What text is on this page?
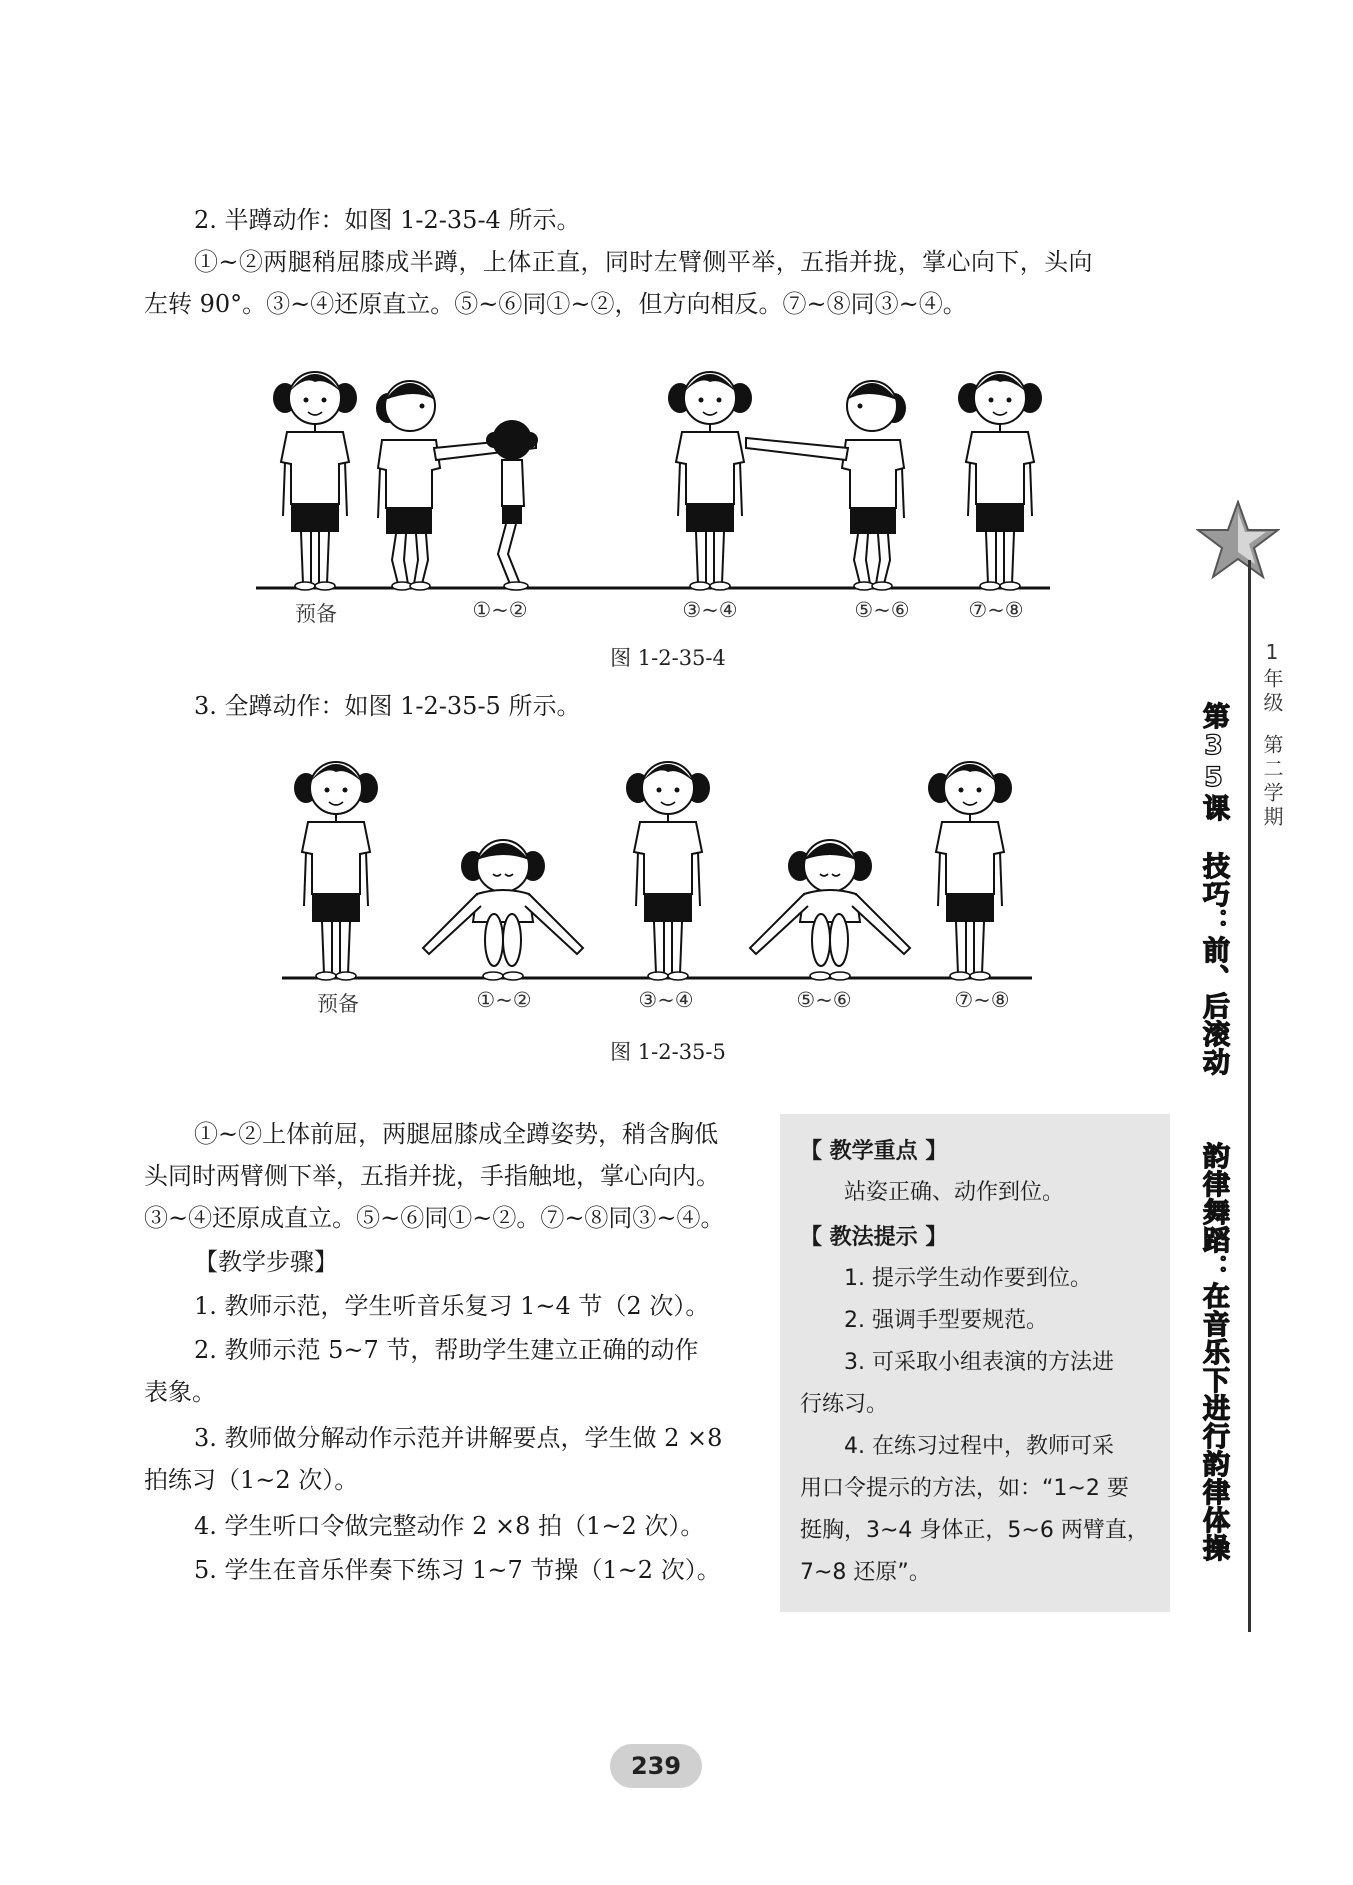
2. 半蹲动作：如图 1-2-35-4 所示。
①~②两腿稍屈膝成半蹲，上体正直，同时左臂侧平举，五指并拢，掌心向下，头向
左转 90°。③~④还原直立。⑤~⑥同①~②，但方向相反。⑦~⑧同③~④。
预备	①~②	③~④	⑤~⑥	⑦~⑧
图 1-2-35-4
3. 全蹲动作：如图 1-2-35-5 所示。
预备	①~②	③~④	⑤~⑥	⑦~⑧
图 1-2-35-5
①~②上体前屈，两腿屈膝成全蹲姿势，稍含胸低
头同时两臂侧下举，五指并拢，手指触地，掌心向内。
③~④还原成直立。⑤~⑥同①~②。⑦~⑧同③~④。
【教学步骤】
1. 教师示范，学生听音乐复习 1~4 节（2 次）。
2. 教师示范 5~7 节，帮助学生建立正确的动作
表象。
3. 教师做分解动作示范并讲解要点，学生做 2 ×8
拍练习（1~2 次）。
4. 学生听口令做完整动作 2 ×8 拍（1~2 次）。
5. 学生在音乐伴奏下练习 1~7 节操（1~2 次）。
【 教学重点 】
站姿正确、动作到位。
【 教法提示 】
1. 提示学生动作要到位。
2. 强调手型要规范。
3. 可采取小组表演的方法进
行练习。
4. 在练习过程中，教师可采
用口令提示的方法，如：“1~2 要
挺胸，3~4 身体正，5~6 两臂直，
7~8 还原”。
1年级
第二学期
第35课
技巧：前、后滚动
韵律舞蹈：在音乐下进行韵律体操
239
